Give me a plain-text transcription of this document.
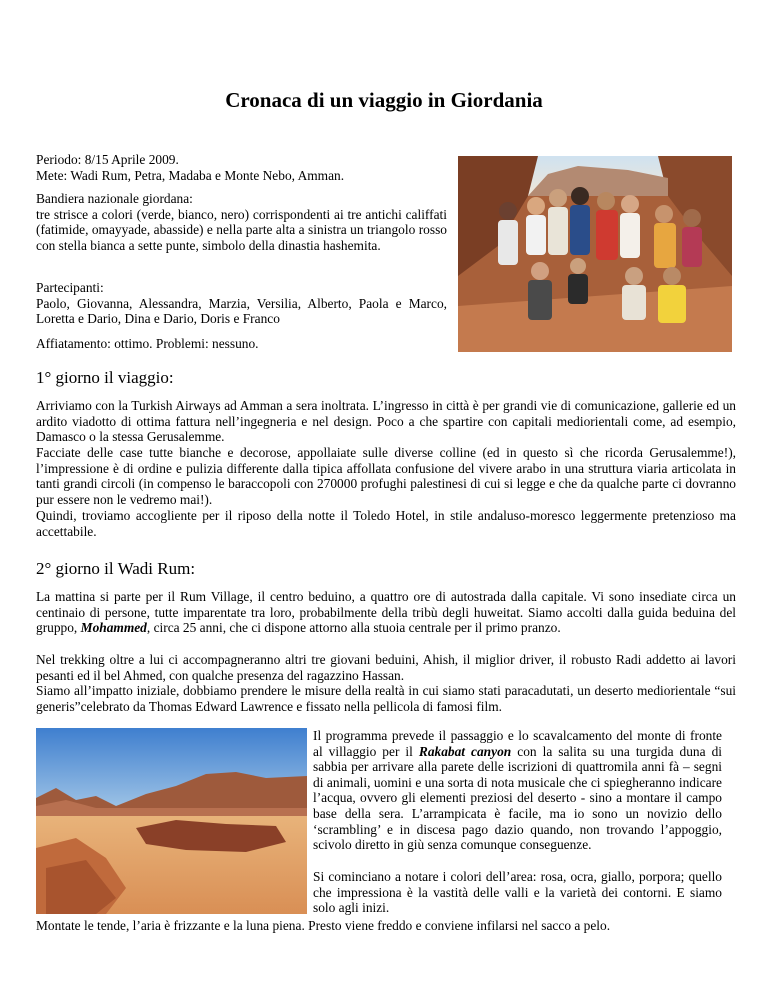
Cronaca di un viaggio in Giordania

Periodo: 8/15 Aprile 2009.
Mete: Wadi Rum, Petra, Madaba e Monte Nebo, Amman.

Bandiera nazionale giordana:
tre strisce a colori (verde, bianco, nero) corrispondenti ai tre antichi califfati (fatimide, omayyade, abasside) e nella parte alta a sinistra un triangolo rosso con stella bianca a sette punte, simbolo della dinastia hashemita.

Partecipanti:
Paolo, Giovanna, Alessandra, Marzia, Versilia, Alberto, Paola e Marco, Loretta e Dario, Dina e Dario, Doris e Franco

Affiatamento: ottimo. Problemi: nessuno.

1° giorno il viaggio:

Arriviamo con la Turkish Airways ad Amman a sera inoltrata. L’ingresso in città è per grandi vie di comunicazione, gallerie ed un ardito viadotto di ottima fattura nell’ingegneria e nel design. Poco a che spartire con capitali mediorientali come, ad esempio, Damasco o la stessa Gerusalemme.

Facciate delle case tutte bianche e decorose, appollaiate sulle diverse colline (ed in questo sì che ricorda Gerusalemme!), l’impressione è di ordine e pulizia differente dalla tipica affollata confusione del vivere arabo in una struttura viaria articolata in tanti grandi circoli (in compenso le baraccopoli con 270000 profughi palestinesi di cui si legge e che da qualche parte ci dovranno pur essere non le vedremo mai!).

Quindi, troviamo accogliente per il riposo della notte il Toledo Hotel, in stile andaluso-moresco leggermente pretenzioso ma accettabile.

2° giorno il Wadi Rum:

La mattina si parte per il Rum Village, il centro beduino, a quattro ore di autostrada dalla capitale. Vi sono insediate circa un centinaio di persone, tutte imparentate tra loro, probabilmente della tribù degli huweitat. Siamo accolti dalla guida beduina del gruppo, Mohammed, circa 25 anni, che ci dispone attorno alla stuoia centrale per il primo pranzo.

Nel trekking oltre a lui ci accompagneranno altri tre giovani beduini, Ahish, il miglior driver, il robusto Radi addetto ai lavori pesanti ed il bel Ahmed, con qualche presenza del ragazzino Hassan.

Siamo all’impatto iniziale, dobbiamo prendere le misure della realtà in cui siamo stati paracadutati, un deserto mediorientale “sui generis”celebrato da Thomas Edward Lawrence e fissato nella pellicola di famosi film.

Il programma prevede il passaggio e lo scavalcamento del monte di fronte al villaggio per il Rakabat canyon con la salita su una turgida duna di sabbia per arrivare alla parete delle iscrizioni di quattromila anni fà – segni di animali, uomini e una sorta di nota musicale che ci spiegheranno indicare l’acqua, ovvero gli elementi preziosi del deserto - sino a montare il campo base della sera. L’arrampicata è facile, ma io sono un novizio dello ‘scrambling’ e in discesa pago dazio quando, non trovando l’appoggio, scivolo diretto in giù senza comunque conseguenze.

Si cominciano a notare i colori dell’area: rosa, ocra, giallo, porpora; quello che impressiona è la vastità delle valli e la varietà dei contorni. E siamo solo agli inizi.

Montate le tende, l’aria è frizzante e la luna piena. Presto viene freddo e conviene infilarsi nel sacco a pelo.
